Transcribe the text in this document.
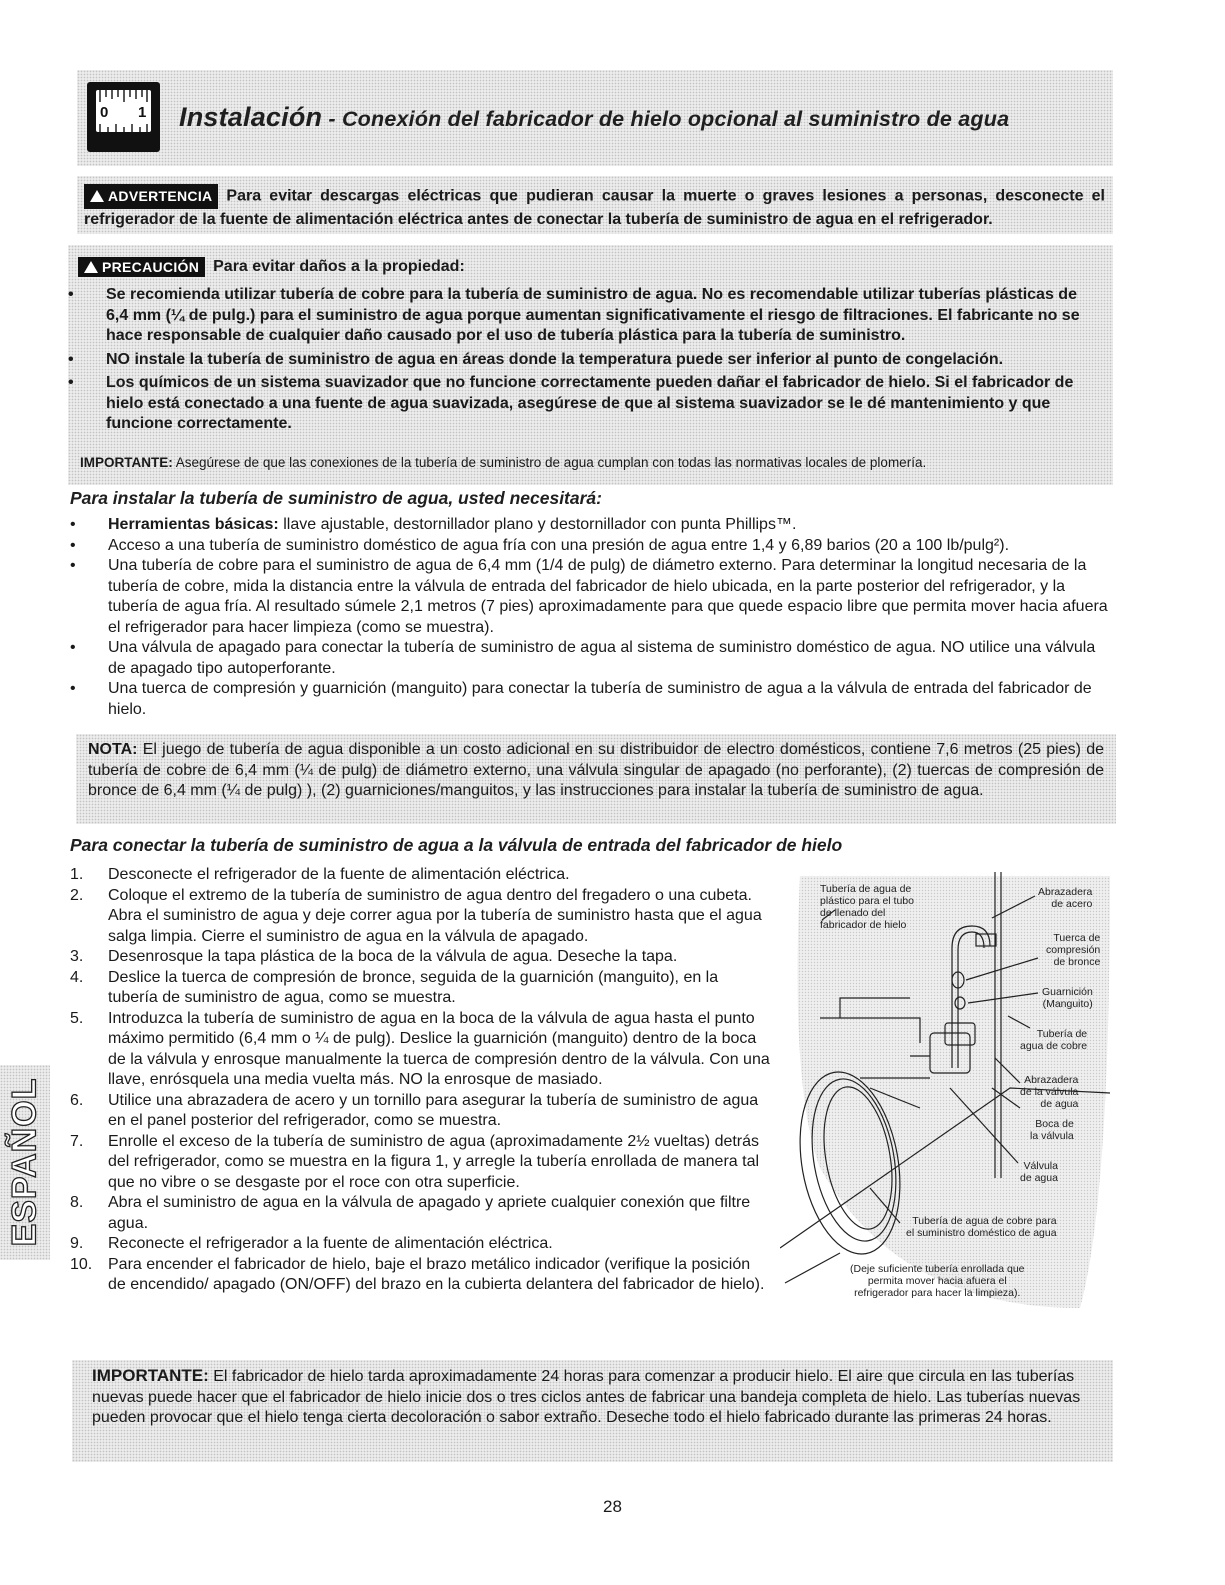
0 1 Instalación - Conexión del fabricador de hielo opcional al suministro de agua
ADVERTENCIA Para evitar descargas eléctricas que pudieran causar la muerte o graves lesiones a personas, desconecte el refrigerador de la fuente de alimentación eléctrica antes de conectar la tubería de suministro de agua en el refrigerador.
PRECAUCIÓN Para evitar daños a la propiedad:
• Se recomienda utilizar tubería de cobre para la tubería de suministro de agua. No es recomendable utilizar tuberías plásticas de 6,4 mm (¼ de pulg.) para el suministro de agua porque aumentan significativamente el riesgo de filtraciones. El fabricante no se hace responsable de cualquier daño causado por el uso de tubería plástica para la tubería de suministro.
• NO instale la tubería de suministro de agua en áreas donde la temperatura puede ser inferior al punto de congelación.
• Los químicos de un sistema suavizador que no funcione correctamente pueden dañar el fabricador de hielo. Si el fabricador de hielo está conectado a una fuente de agua suavizada, asegúrese de que al sistema suavizador se le dé mantenimiento y que funcione correctamente.
IMPORTANTE: Asegúrese de que las conexiones de la tubería de suministro de agua cumplan con todas las normativas locales de plomería.
Para instalar la tubería de suministro de agua, usted necesitará:
• Herramientas básicas: llave ajustable, destornillador plano y destornillador con punta Phillips™.
• Acceso a una tubería de suministro doméstico de agua fría con una presión de agua entre 1,4 y 6,89 barios (20 a 100 lb/pulg²).
• Una tubería de cobre para el suministro de agua de 6,4 mm (1/4 de pulg) de diámetro externo. Para determinar la longitud necesaria de la tubería de cobre, mida la distancia entre la válvula de entrada del fabricador de hielo ubicada, en la parte posterior del refrigerador, y la tubería de agua fría. Al resultado súmele 2,1 metros (7 pies) aproximadamente para que quede espacio libre que permita mover hacia afuera el refrigerador para hacer limpieza (como se muestra).
• Una válvula de apagado para conectar la tubería de suministro de agua al sistema de suministro doméstico de agua. NO utilice una válvula de apagado tipo autoperforante.
• Una tuerca de compresión y guarnición (manguito) para conectar la tubería de suministro de agua a la válvula de entrada del fabricador de hielo.
NOTA: El juego de tubería de agua disponible a un costo adicional en su distribuidor de electro domésticos, contiene 7,6 metros (25 pies) de tubería de cobre de 6,4 mm (¼ de pulg) de diámetro externo, una válvula singular de apagado (no perforante), (2) tuercas de compresión de bronce de 6,4 mm (¼ de pulg) ), (2) guarniciones/manguitos, y las instrucciones para instalar la tubería de suministro de agua.
Para conectar la tubería de suministro de agua a la válvula de entrada del fabricador de hielo
1. Desconecte el refrigerador de la fuente de alimentación eléctrica.
2. Coloque el extremo de la tubería de suministro de agua dentro del fregadero o una cubeta. Abra el suministro de agua y deje correr agua por la tubería de suministro hasta que el agua salga limpia. Cierre el suministro de agua en la válvula de apagado.
3. Desenrosque la tapa plástica de la boca de la válvula de agua. Deseche la tapa.
4. Deslice la tuerca de compresión de bronce, seguida de la guarnición (manguito), en la tubería de suministro de agua, como se muestra.
5. Introduzca la tubería de suministro de agua en la boca de la válvula de agua hasta el punto máximo permitido (6,4 mm o ¼ de pulg). Deslice la guarnición (manguito) dentro de la boca de la válvula y enrosque manualmente la tuerca de compresión dentro de la válvula. Con una llave, enrósquela una media vuelta más. NO la enrosque de masiado.
6. Utilice una abrazadera de acero y un tornillo para asegurar la tubería de suministro de agua en el panel posterior del refrigerador, como se muestra.
7. Enrolle el exceso de la tubería de suministro de agua (aproximadamente 2½ vueltas) detrás del refrigerador, como se muestra en la figura 1, y arregle la tubería enrollada de manera tal que no vibre o se desgaste por el roce con otra superficie.
8. Abra el suministro de agua en la válvula de apagado y apriete cualquier conexión que filtre agua.
9. Reconecte el refrigerador a la fuente de alimentación eléctrica.
10. Para encender el fabricador de hielo, baje el brazo metálico indicador (verifique la posición de encendido/ apagado (ON/OFF) del brazo en la cubierta delantera del fabricador de hielo).
Tubería de agua de
plástico para el tubo
de llenado del
fabricador de hielo
Abrazadera
de acero
Tuerca de
compresión
de bronce
Guarnición
(Manguito)
Tubería de
agua de cobre
Abrazadera
de la válvula
de agua
Boca de
la válvula
Válvula
de agua
Tubería de agua de cobre para
el suministro doméstico de agua
(Deje suficiente tubería enrollada que
permita mover hacia afuera el
refrigerador para hacer la limpieza).
ESPAÑOL
IMPORTANTE: El fabricador de hielo tarda aproximadamente 24 horas para comenzar a producir hielo. El aire que circula en las tuberías nuevas puede hacer que el fabricador de hielo inicie dos o tres ciclos antes de fabricar una bandeja completa de hielo. Las tuberías nuevas pueden provocar que el hielo tenga cierta decoloración o sabor extraño. Deseche todo el hielo fabricado durante las primeras 24 horas.
28
